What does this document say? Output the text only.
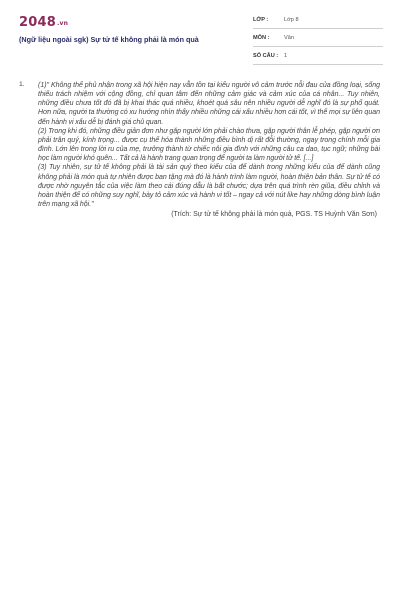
2048.vn
(Ngữ liệu ngoài sgk) Sự tử tế không phải là món quà
LỚP :	Lớp 8
MÔN :	Văn
SỐ CÂU : 1
1. (1)" Không thể phủ nhận trong xã hội hiện nay vẫn tồn tại kiểu người vô cảm trước nỗi đau của đồng loại, sống thiếu trách nhiệm với cộng đồng, chỉ quan tâm đến những cảm giác và cảm xúc của cá nhân... Tuy nhiên, những điều chưa tốt đó đã bị khai thác quá nhiều, khoét quá sâu nên nhiều người dễ nghĩ đó là sự phổ quát. Hơn nữa, người ta thường có xu hướng nhìn thấy nhiều những cái xấu nhiều hơn cái tốt, vì thế mọi sự liên quan đến hành vi xấu dễ bị đánh giá chủ quan.

(2) Trong khi đó, những điều giản đơn như gặp người lớn phải chào thưa, gặp người thân lễ phép, gặp người ơn phải trân quý, kính trọng... được cụ thể hóa thành những điều bình dị rất đỗi thường, ngay trong chính mỗi gia đình. Lớn lên trong lời ru của mẹ, trưởng thành từ chiếc nôi gia đình với những câu ca dao, tục ngữ; những bài học làm người khó quên... Tất cả là hành trang quan trọng để người ta làm người tử tế. [...]

(3) Tuy nhiên, sự tử tế không phải là tài sản quý theo kiểu của để dành trong những kiểu của để dành cũng không phải là món quà tự nhiên được ban tặng mà đó là hành trình làm người, hoàn thiện bản thân. Sự tử tế có được nhờ nguyên tắc của việc làm theo cái đúng dẫu là bất chước; dựa trên quá trình rèn giũa, điều chỉnh và hoàn thiện để có những suy nghĩ, bày tỏ cảm xúc và hành vi tốt – ngay cả với nút like hay những dòng bình luận trên mạng xã hội."

(Trích: Sự tử tế không phải là món quà, PGS. TS Huỳnh Văn Sơn)
